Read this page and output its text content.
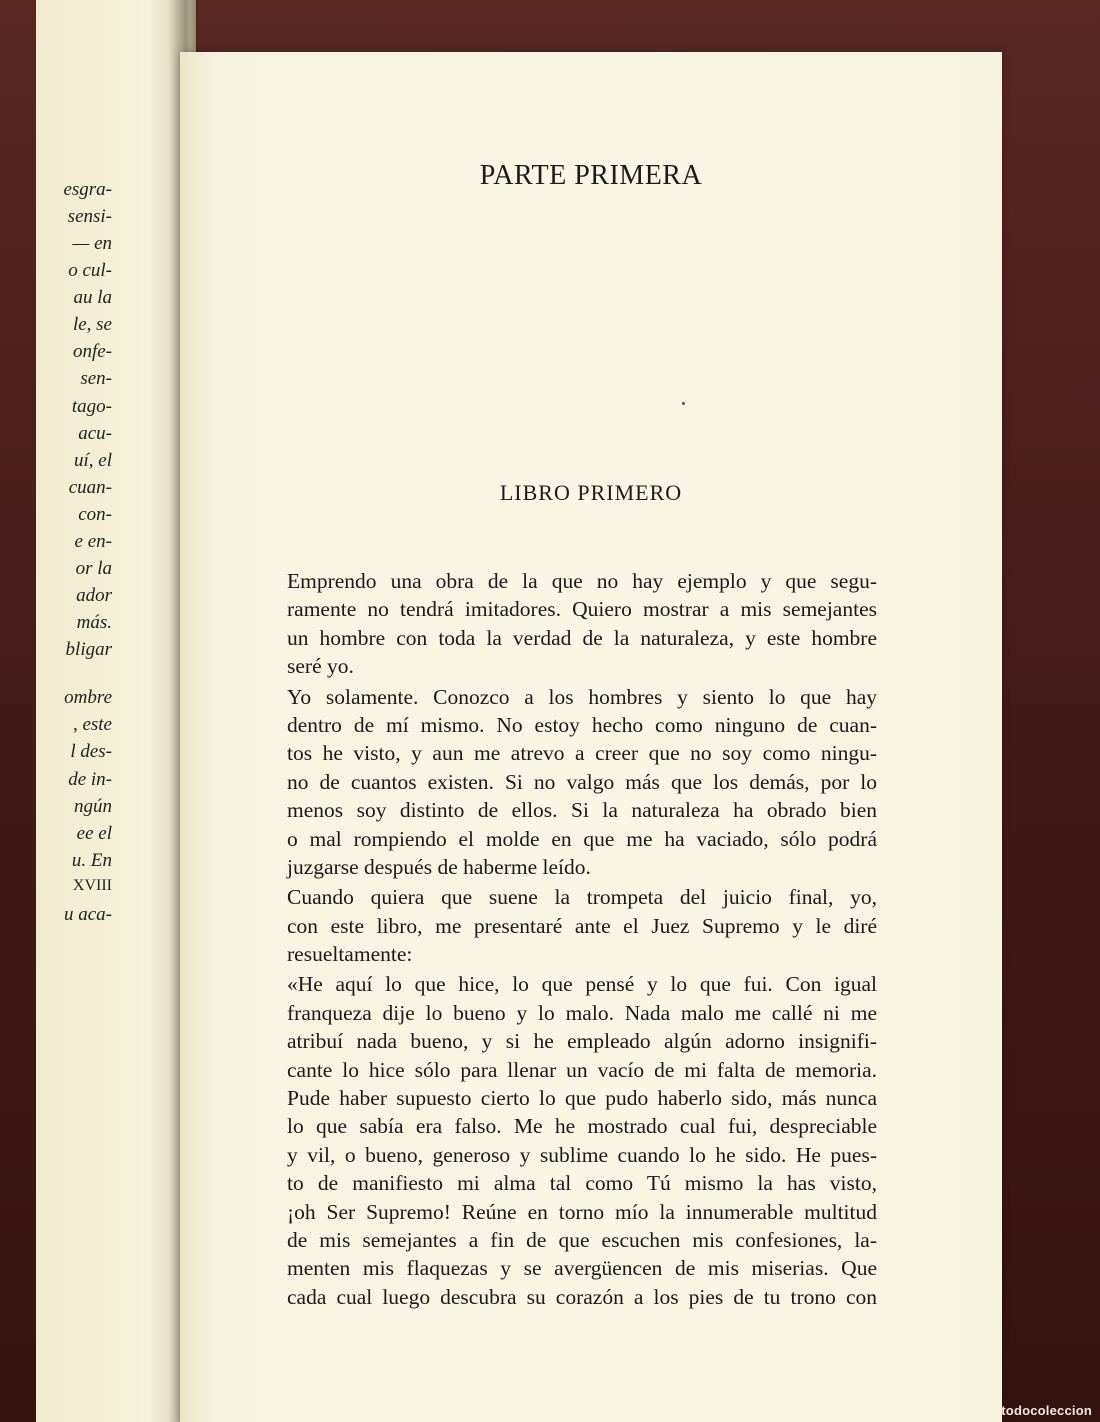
esgra-
sensi-
— en
o cul-
au la
le, se
onfe-
sen-
tago-
acu-
uí, el
cuan-
con-
e en-
or la
ador
más.
bligar
ombre
, este
l des-
de in-
ngún
ee el
u. En
XVIII
u aca-
PARTE PRIMERA
LIBRO PRIMERO
Emprendo una obra de la que no hay ejemplo y que segu-
ramente no tendrá imitadores. Quiero mostrar a mis semejantes
un hombre con toda la verdad de la naturaleza, y este hombre
seré yo.
Yo solamente. Conozco a los hombres y siento lo que hay
dentro de mí mismo. No estoy hecho como ninguno de cuan-
tos he visto, y aun me atrevo a creer que no soy como ningu-
no de cuantos existen. Si no valgo más que los demás, por lo
menos soy distinto de ellos. Si la naturaleza ha obrado bien
o mal rompiendo el molde en que me ha vaciado, sólo podrá
juzgarse después de haberme leído.
Cuando quiera que suene la trompeta del juicio final, yo,
con este libro, me presentaré ante el Juez Supremo y le diré
resueltamente:
«He aquí lo que hice, lo que pensé y lo que fui. Con igual
franqueza dije lo bueno y lo malo. Nada malo me callé ni me
atribuí nada bueno, y si he empleado algún adorno insignifi-
cante lo hice sólo para llenar un vacío de mi falta de memoria.
Pude haber supuesto cierto lo que pudo haberlo sido, más nunca
lo que sabía era falso. Me he mostrado cual fui, despreciable
y vil, o bueno, generoso y sublime cuando lo he sido. He pues-
to de manifiesto mi alma tal como Tú mismo la has visto,
¡oh Ser Supremo! Reúne en torno mío la innumerable multitud
de mis semejantes a fin de que escuchen mis confesiones, la-
menten mis flaquezas y se avergüencen de mis miserias. Que
cada cual luego descubra su corazón a los pies de tu trono con
todocoleccion
